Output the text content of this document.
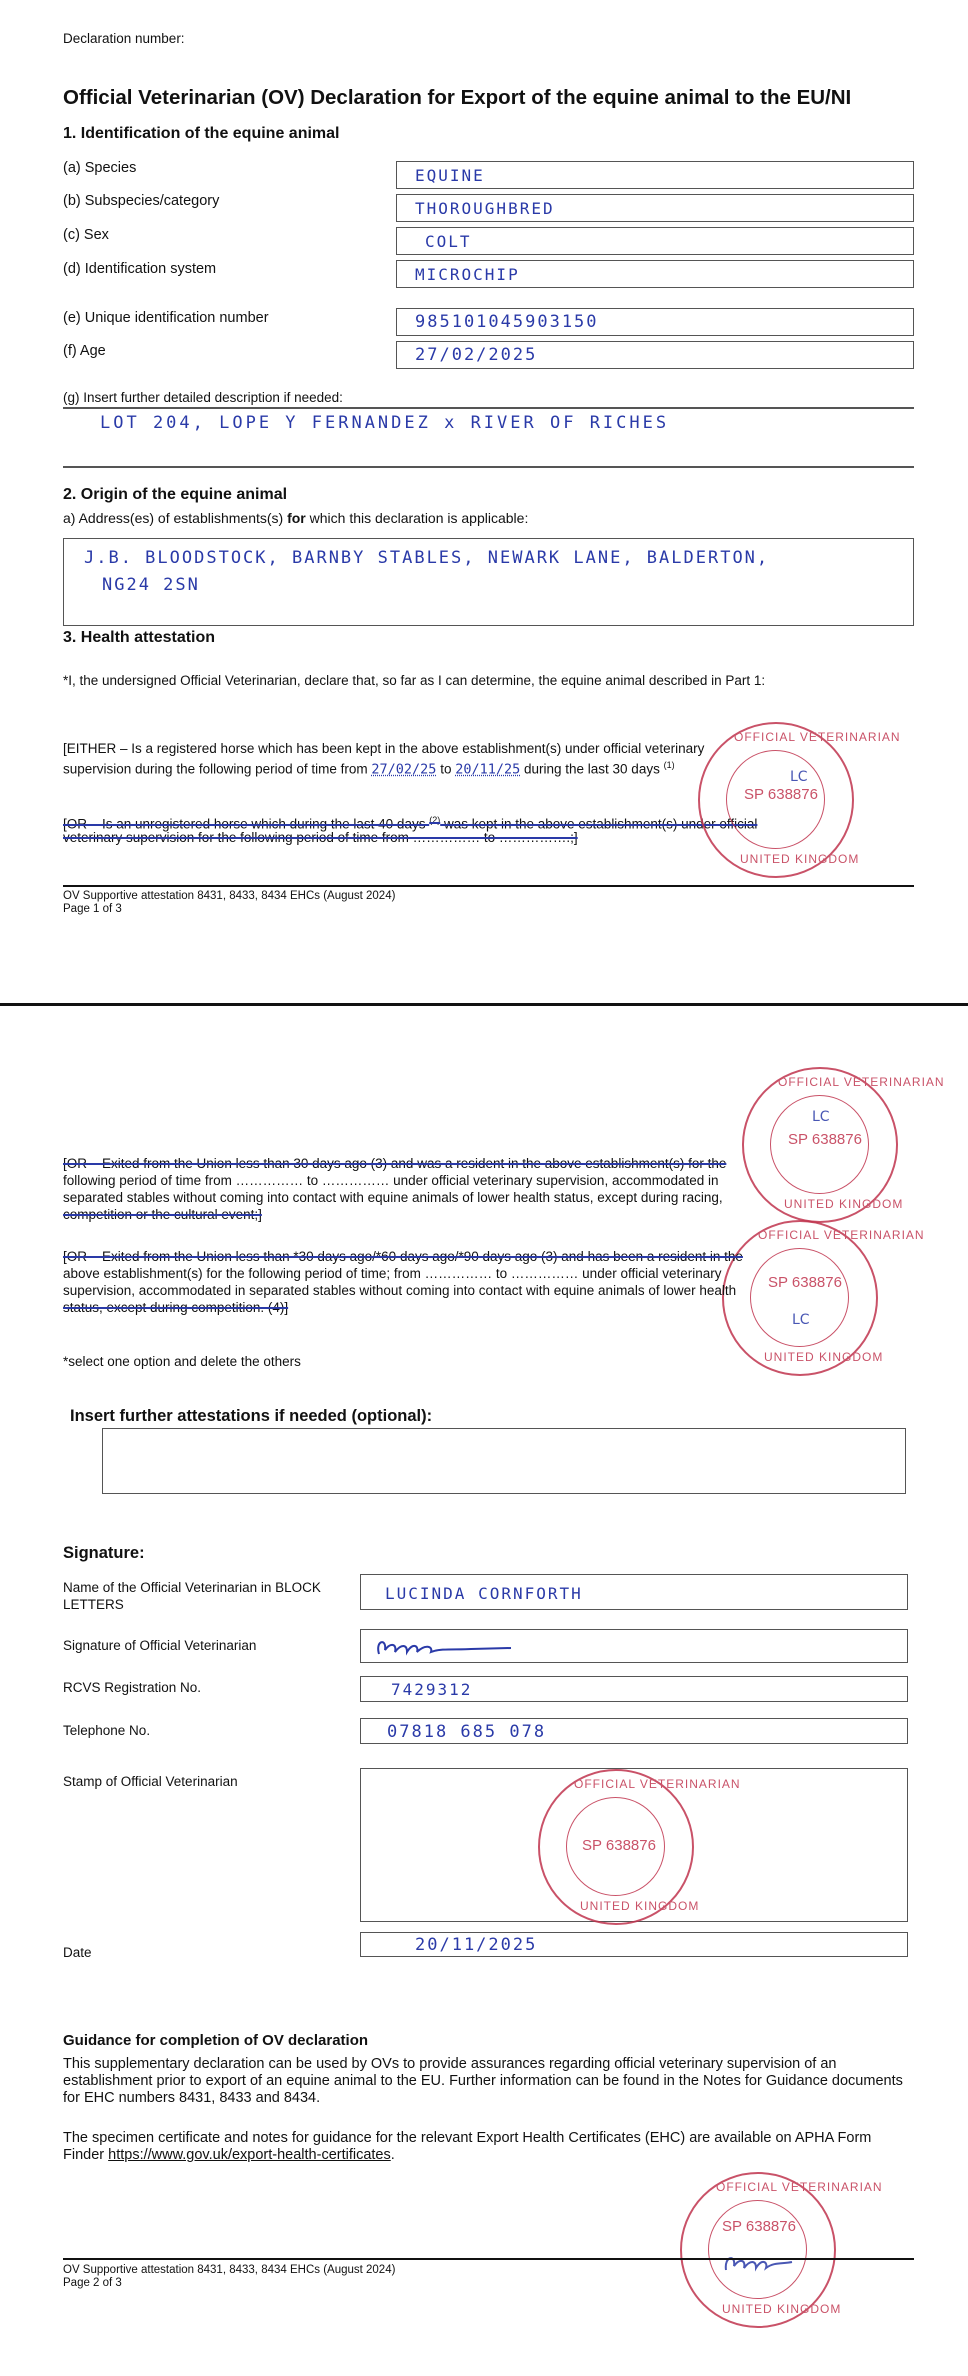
Declaration number:
Official Veterinarian (OV) Declaration for Export of the equine animal to the EU/NI
1. Identification of the equine animal
(a) Species	EQUINE
(b) Subspecies/category	THOROUGHBRED
(c) Sex	COLT
(d) Identification system	MICROCHIP
(e) Unique identification number	985101045903150
(f) Age	27/02/2025
(g) Insert further detailed description if needed:
LOT 204, LOPE Y FERNANDEZ x RIVER OF RICHES
2. Origin of the equine animal
a) Address(es) of establishments(s) for which this declaration is applicable:
J.B. BLOODSTOCK, BARNBY STABLES, NEWARK LANE, BALDERTON,
NG24 2SN
3. Health attestation
*I, the undersigned Official Veterinarian, declare that, so far as I can determine, the equine animal described in Part 1:
[EITHER – Is a registered horse which has been kept in the above establishment(s) under official veterinary
supervision during the following period of time from 27/02/25 to 20/11/25 during the last 30 days $^{(1)}$
[OR – Is an unregistered horse which during the last 40 days $^{(2)}$ was kept in the above establishment(s) under official
veterinary supervision for the following period of time from …………… to …………….;]
OFFICIAL VETERINARIAN
SP 638876
UNITED KINGDOM
LC
OV Supportive attestation 8431, 8433, 8434 EHCs (August 2024)
Page 1 of 3
OFFICIAL VETERINARIAN
SP 638876
UNITED KINGDOM
LC
[OR – Exited from the Union less than 30 days ago (3) and was a resident in the above establishment(s) for the
following period of time from …………… to …………… under official veterinary supervision, accommodated in
separated stables without coming into contact with equine animals of lower health status, except during racing,
competition or the cultural event;]
OFFICIAL VETERINARIAN
SP 638876
UNITED KINGDOM
LC
[OR – Exited from the Union less than *30 days ago/*60 days ago/*90 days ago (3) and has been a resident in the
above establishment(s) for the following period of time; from …………… to …………… under official veterinary
supervision, accommodated in separated stables without coming into contact with equine animals of lower health
status, except during competition. (4)]
*select one option and delete the others
Insert further attestations if needed (optional):
Signature:
Name of the Official Veterinarian in BLOCK LETTERS
LUCINDA CORNFORTH
Signature of Official Veterinarian
RCVS Registration No.	7429312
Telephone No.	07818 685 078
Stamp of Official Veterinarian	OFFICIAL VETERINARIAN
SP 638876
UNITED KINGDOM
Date	20/11/2025
Guidance for completion of OV declaration
This supplementary declaration can be used by OVs to provide assurances regarding official veterinary supervision of an establishment prior to export of an equine animal to the EU. Further information can be found in the Notes for Guidance documents for EHC numbers 8431, 8433 and 8434.
The specimen certificate and notes for guidance for the relevant Export Health Certificates (EHC) are available on APHA Form Finder https://www.gov.uk/export-health-certificates.
OFFICIAL VETERINARIAN
SP 638876
UNITED KINGDOM
OV Supportive attestation 8431, 8433, 8434 EHCs (August 2024)
Page 2 of 3
